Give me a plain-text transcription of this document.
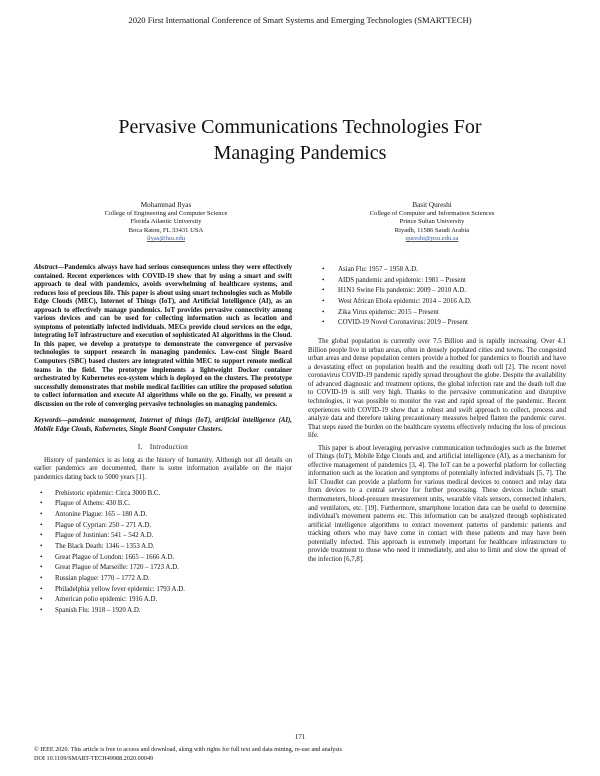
2020 First International Conference of Smart Systems and Emerging Technologies (SMARTTECH)
Pervasive Communications Technologies For
Managing Pandemics
Mohammad Ilyas
College of Engineering and Computer Science
Florida Atlantic University
Boca Raton, FL 33431 USA
ilyas@fau.edu
Basit Qureshi
College of Computer and Information Sciences
Prince Sultan University
Riyadh, 11586 Saudi Arabia
qureshi@psu.edu.sa

Abstract—Pandemics always have had serious consequences unless they were effectively contained. Recent experiences with COVID-19 show that by using a smart and swift approach to deal with pandemics, avoids overwhelming of healthcare systems, and reduces loss of precious life. This paper is about using smart technologies such as Mobile Edge Clouds (MEC), Internet of Things (IoT), and Artificial Intelligence (AI), as an approach to effectively manage pandemics. IoT provides pervasive connectivity among various devices and can be used for collecting information such as location and symptoms of potentially infected individuals. MECs provide cloud services on the edge, integrating IoT infrastructure and execution of sophisticated AI algorithms in the Cloud. In this paper, we develop a prototype to demonstrate the convergence of pervasive technologies to support research in managing pandemics. Low-cost Single Board Computers (SBC) based clusters are integrated within MEC to support remote medical teams in the field. The prototype implements a lightweight Docker container orchestrated by Kubernetes eco-system which is deployed on the clusters. The prototype successfully demonstrates that mobile medical facilities can utilize the proposed solution to collect information and execute AI algorithms while on the go. Finally, we present a discussion on the role of converging pervasive technologies on managing pandemics.

Keywords—pandemic management, Internet of things (IoT), artificial intelligence (AI), Mobile Edge Clouds, Kubernetes, Single Board Computer Clusters.

I. Introduction

History of pandemics is as long as the history of humanity. Although not all details on earlier pandemics are documented, there is some information available on the major pandemics dating back to 5000 years [1].

• Prehistoric epidemic: Circa 3000 B.C.
• Plague of Athens: 430 B.C.
• Antonine Plague: 165 – 180 A.D.
• Plague of Cyprian: 250 – 271 A.D.
• Plague of Justinian: 541 – 542 A.D.
• The Black Death: 1346 – 1353 A.D.
• Great Plague of London: 1665 – 1666 A.D.
• Great Plague of Marseille: 1720 – 1723 A.D.
• Russian plague: 1770 – 1772 A.D.
• Philadelphia yellow fever epidemic: 1793 A.D.
• American polio epidemic: 1916 A.D.
• Spanish Flu: 1918 – 1920 A.D.
• Asian Flu: 1957 – 1958 A.D.
• AIDS pandemic and epidemic: 1981 – Present
• H1N1 Swine Flu pandemic: 2009 – 2010 A.D.
• West African Ebola epidemic: 2014 – 2016 A.D.
• Zika Virus epidemic: 2015 – Present
• COVID-19 Novel Coronavirus: 2019 – Present

The global population is currently over 7.5 Billion and is rapidly increasing. Over 4.1 Billion people live in urban areas, often in densely populated cities and towns. The congested urban areas and dense population centers provide a hotbed for pandemics to flourish and have a devastating effect on population health and the resulting death toll [2]. The recent novel coronavirus COVID-19 pandemic rapidly spread throughout the globe. Despite the availability of advanced diagnostic and treatment options, the global infection rate and the death toll due to COVID-19 is still very high. Thanks to the pervasive communication and disruptive technologies, it was possible to monitor the vast and rapid spread of the pandemic. Recent experiences with COVID-19 show that a robust and swift approach to collect, process and analyze data and therefore taking precautionary measures helped flatten the pandemic curve. That steps eased the burden on the healthcare systems effectively reducing the loss of precious life.

This paper is about leveraging pervasive communication technologies such as the Internet of Things (IoT), Mobile Edge Clouds and, and artificial intelligence (AI), as a mechanism for effective management of pandemics [3, 4]. The IoT can be a powerful platform for collecting information such as the location and symptoms of potentially infected individuals [5, 7]. The IoT Cloudlet can provide a platform for various medical devices to connect and relay data from devices to a central service for further processing. These devices include smart thermometers, blood-pressure measurement units, wearable vitals sensors, connected inhalers, and ventilators, etc. [19]. Furthermore, smartphone location data can be useful to determine individual's movement patterns etc. This information can be analyzed through sophisticated artificial intelligence algorithms to extract movement patterns of pandemic patients and tracking others who may have come in contact with these patients and may have been potentially infected. This approach is extremely important for healthcare infrastructure to provide treatment to those who need it immediately, and also to limit and slow the spread of the infection [6,7,8].

171
© IEEE 2020. This article is free to access and download, along with rights for full text and data mining, re-use and analysis
DOI 10.1109/SMART-TECH49988.2020.00049
